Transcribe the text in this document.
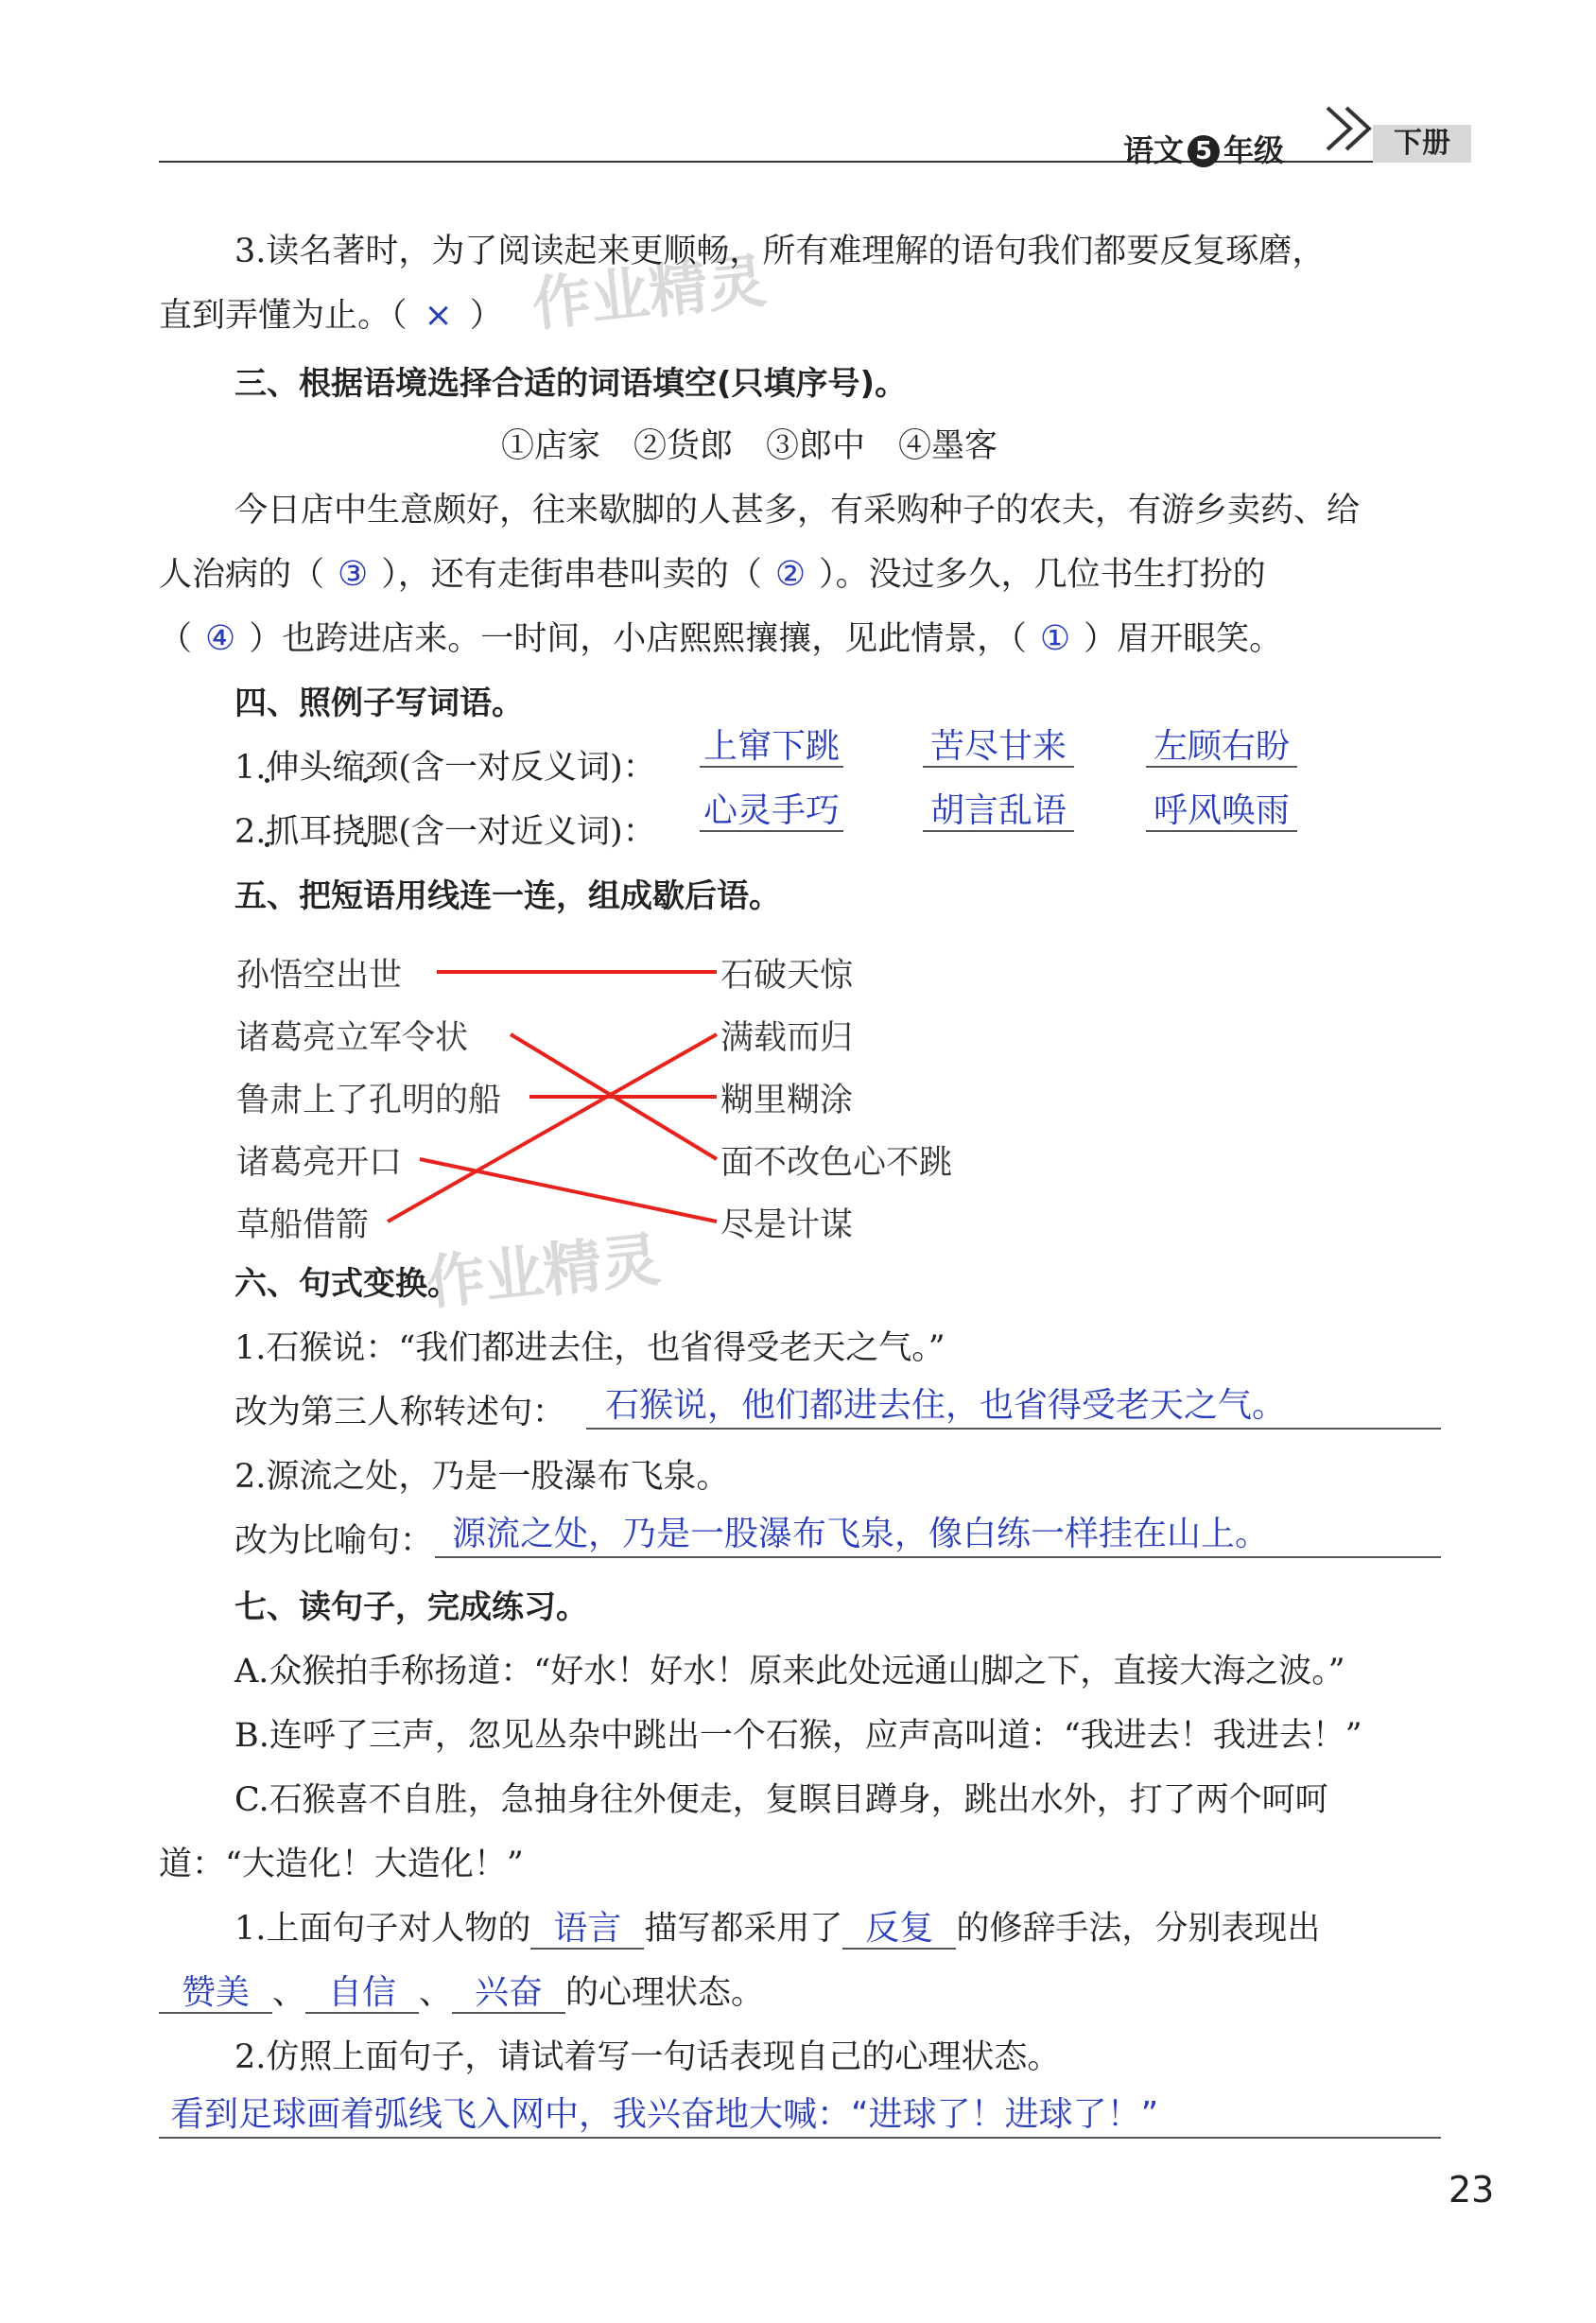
语文 5 年级	下册
作业精灵
作业精灵
3.读名著时，为了阅读起来更顺畅，所有难理解的语句我们都要反复琢磨，
直到弄懂为止。（ × ）
三、根据语境选择合适的词语填空(只填序号)。
①店家　②货郎　③郎中　④墨客
今日店中生意颇好，往来歇脚的人甚多，有采购种子的农夫，有游乡卖药、给
人治病的（ ③ ），还有走街串巷叫卖的（ ② ）。没过多久，几位书生打扮的
（ ④ ）也跨进店来。一时间，小店熙熙攘攘，见此情景，（ ① ）眉开眼笑。
四、照例子写词语。
1.伸头缩颈(含一对反义词)：
上窜下跳	苦尽甘来	左顾右盼
2.抓耳挠腮(含一对近义词)：
心灵手巧	胡言乱语	呼风唤雨
五、把短语用线连一连，组成歇后语。
孙悟空出世
诸葛亮立军令状
鲁肃上了孔明的船
诸葛亮开口
草船借箭
石破天惊
满载而归
糊里糊涂
面不改色心不跳
尽是计谋
六、句式变换。
1.石猴说：“我们都进去住，也省得受老天之气。”
改为第三人称转述句： 石猴说，他们都进去住，也省得受老天之气。
2.源流之处，乃是一股瀑布飞泉。
改为比喻句： 源流之处，乃是一股瀑布飞泉，像白练一样挂在山上。
七、读句子，完成练习。
A.众猴拍手称扬道：“好水！好水！原来此处远通山脚之下，直接大海之波。”
B.连呼了三声，忽见丛杂中跳出一个石猴，应声高叫道：“我进去！我进去！”
C.石猴喜不自胜，急抽身往外便走，复瞑目蹲身，跳出水外，打了两个呵呵
道：“大造化！大造化！”
1.上面句子对人物的 语言 描写都采用了 反复 的修辞手法，分别表现出
赞美 、 自信 、 兴奋 的心理状态。
2.仿照上面句子，请试着写一句话表现自己的心理状态。
看到足球画着弧线飞入网中，我兴奋地大喊：“进球了！进球了！”
23
